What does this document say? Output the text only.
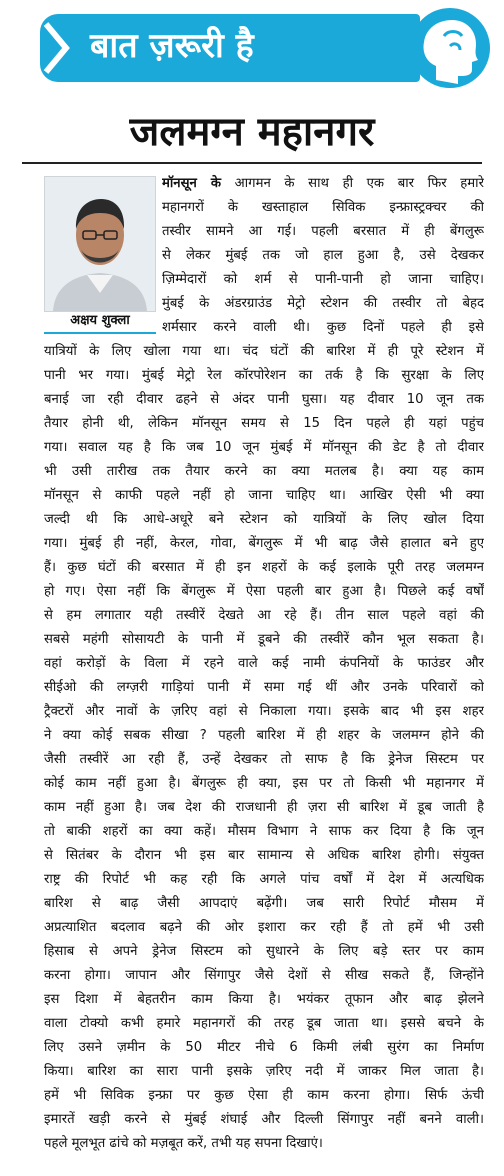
बात ज़रूरी है
जलमग्न महानगर
अक्षय शुक्ला
मॉनसून के आगमन के साथ ही एक बार फिर हमारे
महानगरों के खस्ताहाल सिविक इन्फ्रास्ट्रक्चर की
तस्वीर सामने आ गई। पहली बरसात में ही बेंगलुरू
से लेकर मुंबई तक जो हाल हुआ है, उसे देखकर
ज़िम्मेदारों को शर्म से पानी-पानी हो जाना चाहिए।
मुंबई के अंडरग्राउंड मेट्रो स्टेशन की तस्वीर तो बेहद
शर्मसार करने वाली थी। कुछ दिनों पहले ही इसे
यात्रियों के लिए खोला गया था। चंद घंटों की बारिश में ही पूरे स्टेशन में
पानी भर गया। मुंबई मेट्रो रेल कॉरपोरेशन का तर्क है कि सुरक्षा के लिए
बनाई जा रही दीवार ढहने से अंदर पानी घुसा। यह दीवार 10 जून तक
तैयार होनी थी, लेकिन मॉनसून समय से 15 दिन पहले ही यहां पहुंच
गया। सवाल यह है कि जब 10 जून मुंबई में मॉनसून की डेट है तो दीवार
भी उसी तारीख तक तैयार करने का क्या मतलब है। क्या यह काम
मॉनसून से काफी पहले नहीं हो जाना चाहिए था। आखिर ऐसी भी क्या
जल्दी थी कि आधे-अधूरे बने स्टेशन को यात्रियों के लिए खोल दिया
गया। मुंबई ही नहीं, केरल, गोवा, बेंगलुरू में भी बाढ़ जैसे हालात बने हुए
हैं। कुछ घंटों की बरसात में ही इन शहरों के कई इलाके पूरी तरह जलमग्न
हो गए। ऐसा नहीं कि बेंगलुरू में ऐसा पहली बार हुआ है। पिछले कई वर्षों
से हम लगातार यही तस्वीरें देखते आ रहे हैं। तीन साल पहले वहां की
सबसे महंगी सोसायटी के पानी में डूबने की तस्वीरें कौन भूल सकता है।
वहां करोड़ों के विला में रहने वाले कई नामी कंपनियों के फाउंडर और
सीईओ की लग्ज़री गाड़ियां पानी में समा गई थीं और उनके परिवारों को
ट्रैक्टरों और नावों के ज़रिए वहां से निकाला गया। इसके बाद भी इस शहर
ने क्या कोई सबक सीखा ? पहली बारिश में ही शहर के जलमग्न होने की
जैसी तस्वीरें आ रही हैं, उन्हें देखकर तो साफ है कि ड्रेनेज सिस्टम पर
कोई काम नहीं हुआ है। बेंगलुरू ही क्या, इस पर तो किसी भी महानगर में
काम नहीं हुआ है। जब देश की राजधानी ही ज़रा सी बारिश में डूब जाती है
तो बाकी शहरों का क्या कहें। मौसम विभाग ने साफ कर दिया है कि जून
से सितंबर के दौरान भी इस बार सामान्य से अधिक बारिश होगी। संयुक्त
राष्ट्र की रिपोर्ट भी कह रही कि अगले पांच वर्षों में देश में अत्यधिक
बारिश से बाढ़ जैसी आपदाएं बढ़ेंगी। जब सारी रिपोर्ट मौसम में
अप्रत्याशित बदलाव बढ़ने की ओर इशारा कर रही हैं तो हमें भी उसी
हिसाब से अपने ड्रेनेज सिस्टम को सुधारने के लिए बड़े स्तर पर काम
करना होगा। जापान और सिंगापुर जैसे देशों से सीख सकते हैं, जिन्होंने
इस दिशा में बेहतरीन काम किया है। भयंकर तूफान और बाढ़ झेलने
वाला टोक्यो कभी हमारे महानगरों की तरह डूब जाता था। इससे बचने के
लिए उसने ज़मीन के 50 मीटर नीचे 6 किमी लंबी सुरंग का निर्माण
किया। बारिश का सारा पानी इसके ज़रिए नदी में जाकर मिल जाता है।
हमें भी सिविक इन्फ्रा पर कुछ ऐसा ही काम करना होगा। सिर्फ ऊंची
इमारतें खड़ी करने से मुंबई शंघाई और दिल्ली सिंगापुर नहीं बनने वाली।
पहले मूलभूत ढांचे को मज़बूत करें, तभी यह सपना दिखाएं।
